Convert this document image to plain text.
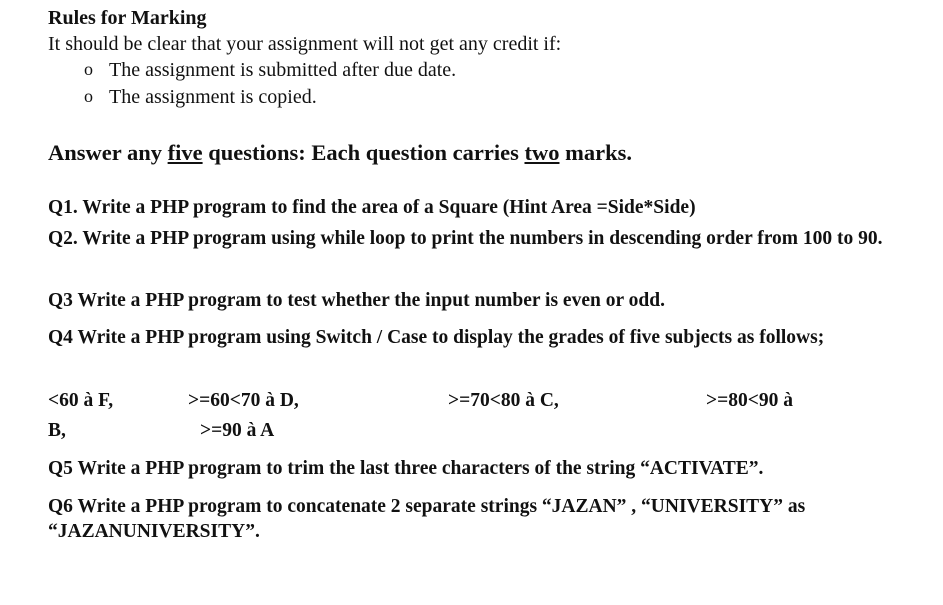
Rules for Marking
It should be clear that your assignment will not get any credit if:
o The assignment is submitted after due date.
o The assignment is copied.
Answer any five questions: Each question carries two marks.
Q1. Write a PHP program to find the area of a Square (Hint Area =Side*Side)
Q2. Write a PHP program using while loop to print the numbers in descending order from 100 to 90.
Q3 Write a PHP program to test whether the input number is even or odd.
Q4 Write a PHP program using Switch / Case to display the grades of five subjects as follows;
<60 à F,	>=60<70 à D,	>=70<80 à C,	>=80<90 à
B,	>=90 à A
Q5 Write a PHP program to trim the last three characters of the string “ACTIVATE”.
Q6 Write a PHP program to concatenate 2 separate strings “JAZAN” , “UNIVERSITY” as “JAZANUNIVERSITY”.
